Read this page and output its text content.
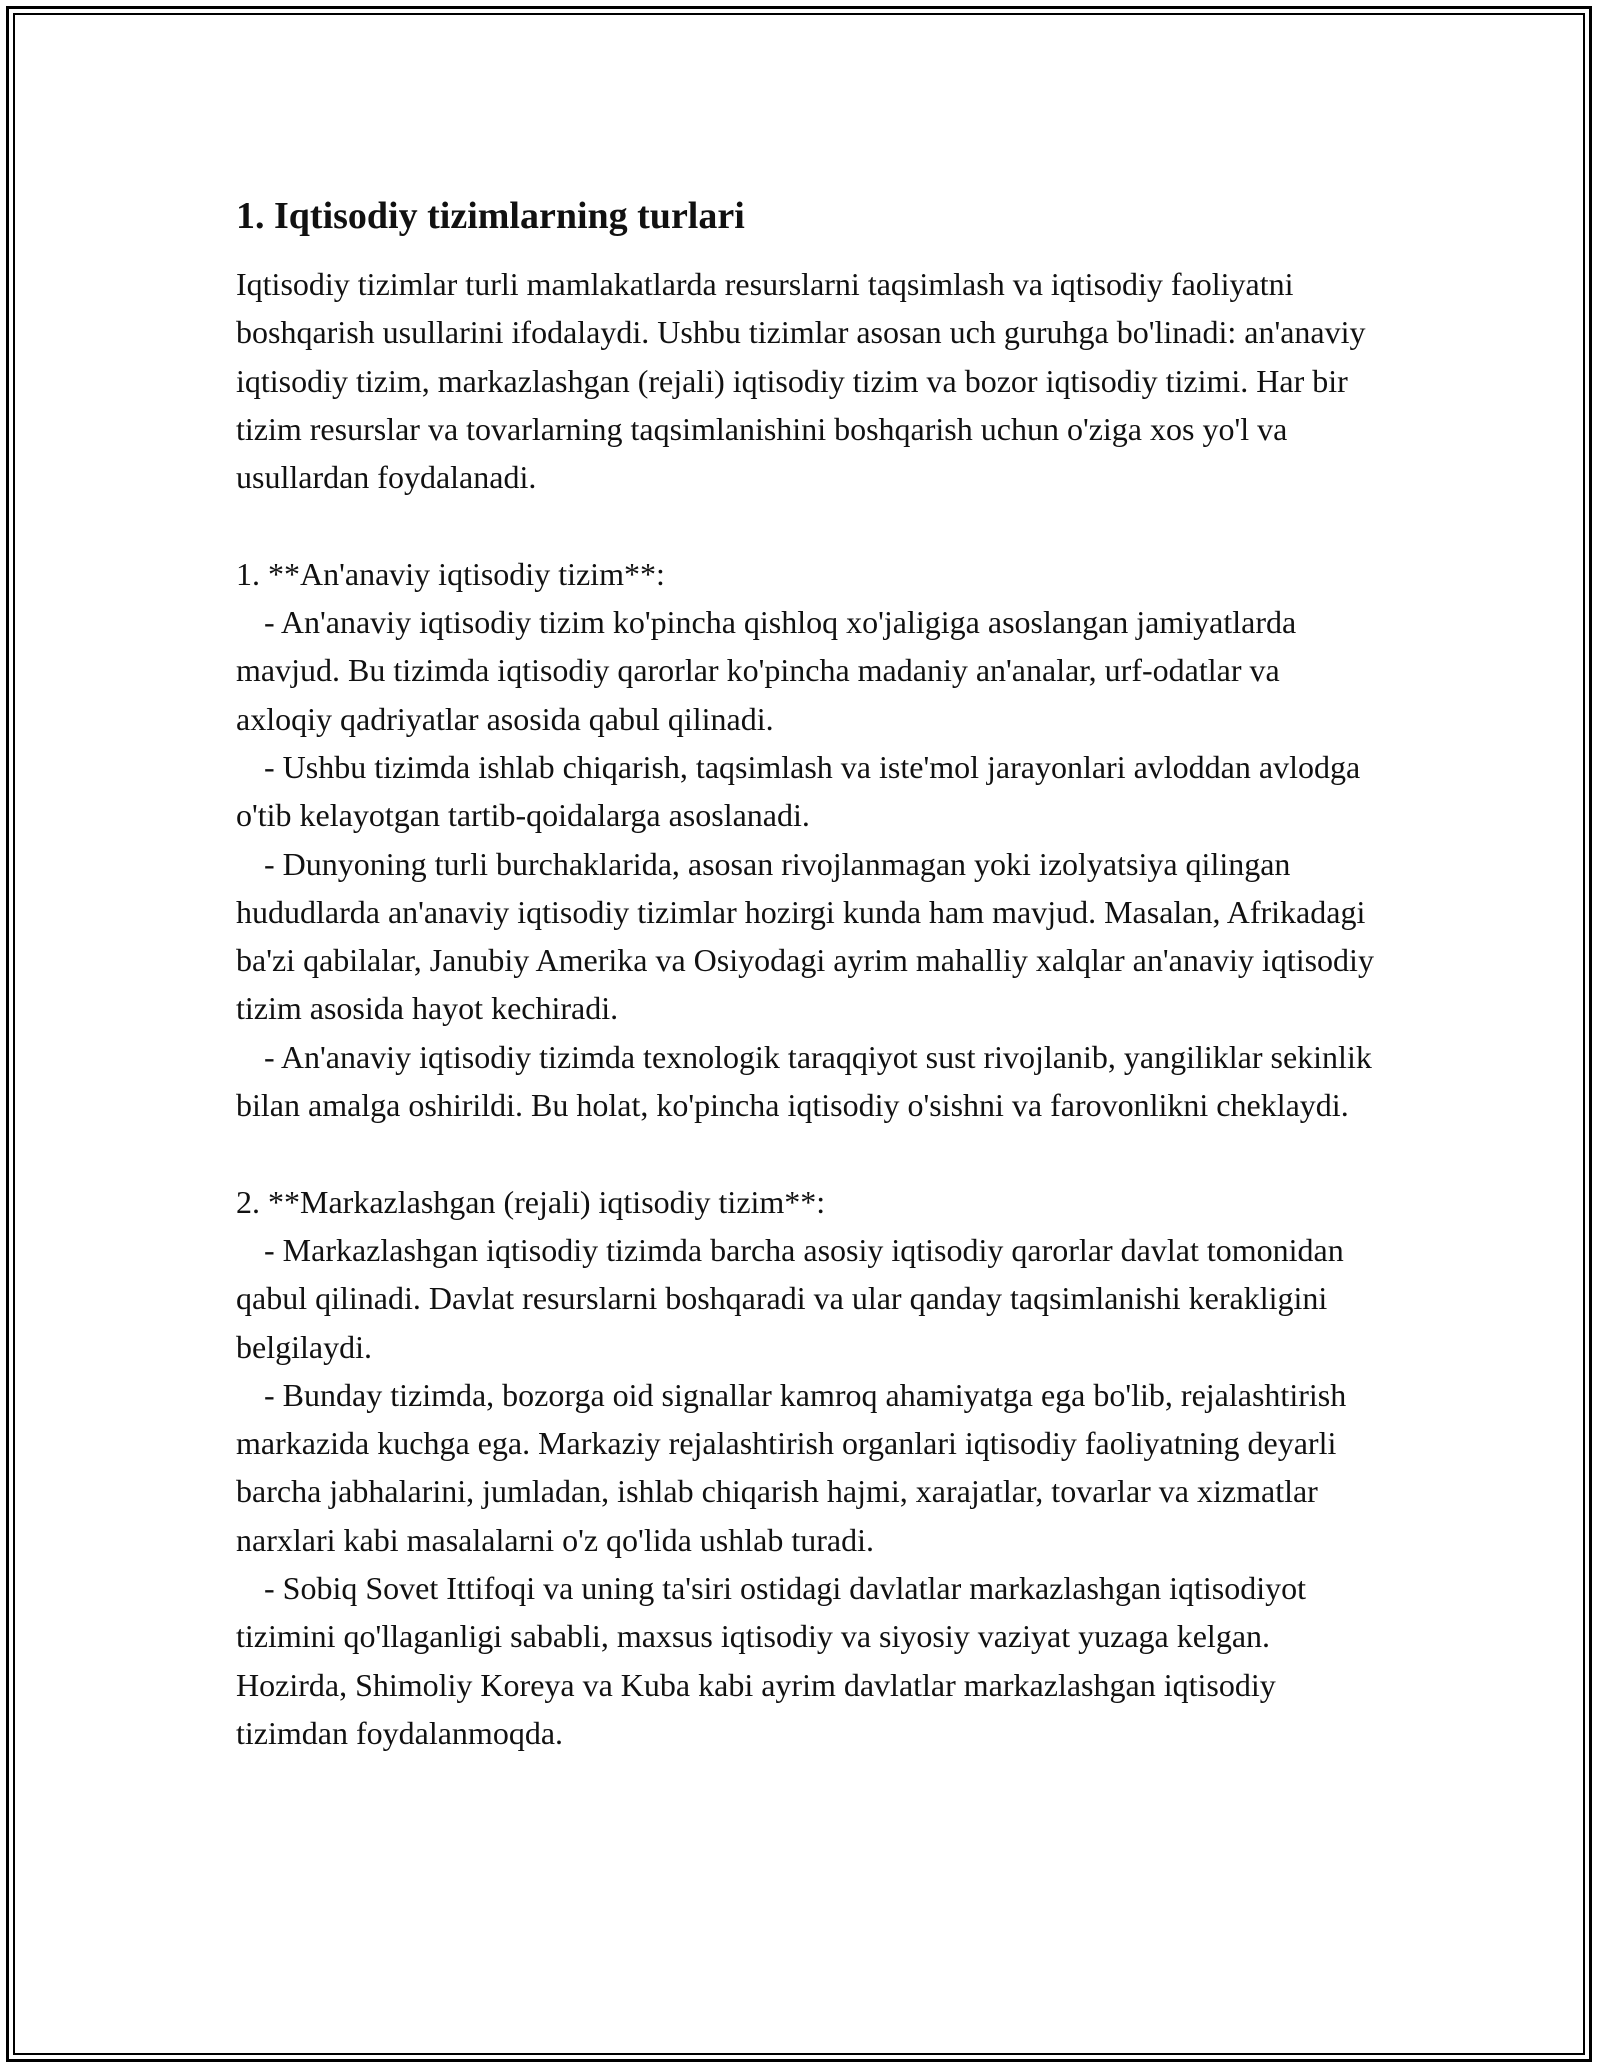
1. Iqtisodiy tizimlarning turlari

Iqtisodiy tizimlar turli mamlakatlarda resurslarni taqsimlash va iqtisodiy faoliyatni boshqarish usullarini ifodalaydi. Ushbu tizimlar asosan uch guruhga bo'linadi: an'anaviy iqtisodiy tizim, markazlashgan (rejali) iqtisodiy tizim va bozor iqtisodiy tizimi. Har bir tizim resurslar va tovarlarning taqsimlanishini boshqarish uchun o'ziga xos yo'l va usullardan foydalanadi.

1. **An'anaviy iqtisodiy tizim**:
- An'anaviy iqtisodiy tizim ko'pincha qishloq xo'jaligiga asoslangan jamiyatlarda mavjud. Bu tizimda iqtisodiy qarorlar ko'pincha madaniy an'analar, urf-odatlar va axloqiy qadriyatlar asosida qabul qilinadi.
- Ushbu tizimda ishlab chiqarish, taqsimlash va iste'mol jarayonlari avloddan avlodga o'tib kelayotgan tartib-qoidalarga asoslanadi.
- Dunyoning turli burchaklarida, asosan rivojlanmagan yoki izolyatsiya qilingan hududlarda an'anaviy iqtisodiy tizimlar hozirgi kunda ham mavjud. Masalan, Afrikadagi ba'zi qabilalar, Janubiy Amerika va Osiyodagi ayrim mahalliy xalqlar an'anaviy iqtisodiy tizim asosida hayot kechiradi.
- An'anaviy iqtisodiy tizimda texnologik taraqqiyot sust rivojlanib, yangiliklar sekinlik bilan amalga oshirildi. Bu holat, ko'pincha iqtisodiy o'sishni va farovonlikni cheklaydi.
2. **Markazlashgan (rejali) iqtisodiy tizim**:
- Markazlashgan iqtisodiy tizimda barcha asosiy iqtisodiy qarorlar davlat tomonidan qabul qilinadi. Davlat resurslarni boshqaradi va ular qanday taqsimlanishi kerakligini belgilaydi.
- Bunday tizimda, bozorga oid signallar kamroq ahamiyatga ega bo'lib, rejalashtirish markazida kuchga ega. Markaziy rejalashtirish organlari iqtisodiy faoliyatning deyarli barcha jabhalarini, jumladan, ishlab chiqarish hajmi, xarajatlar, tovarlar va xizmatlar narxlari kabi masalalarni o'z qo'lida ushlab turadi.
- Sobiq Sovet Ittifoqi va uning ta'siri ostidagi davlatlar markazlashgan iqtisodiyot tizimini qo'llaganligi sababli, maxsus iqtisodiy va siyosiy vaziyat yuzaga kelgan. Hozirda, Shimoliy Koreya va Kuba kabi ayrim davlatlar markazlashgan iqtisodiy tizimdan foydalanmoqda.
